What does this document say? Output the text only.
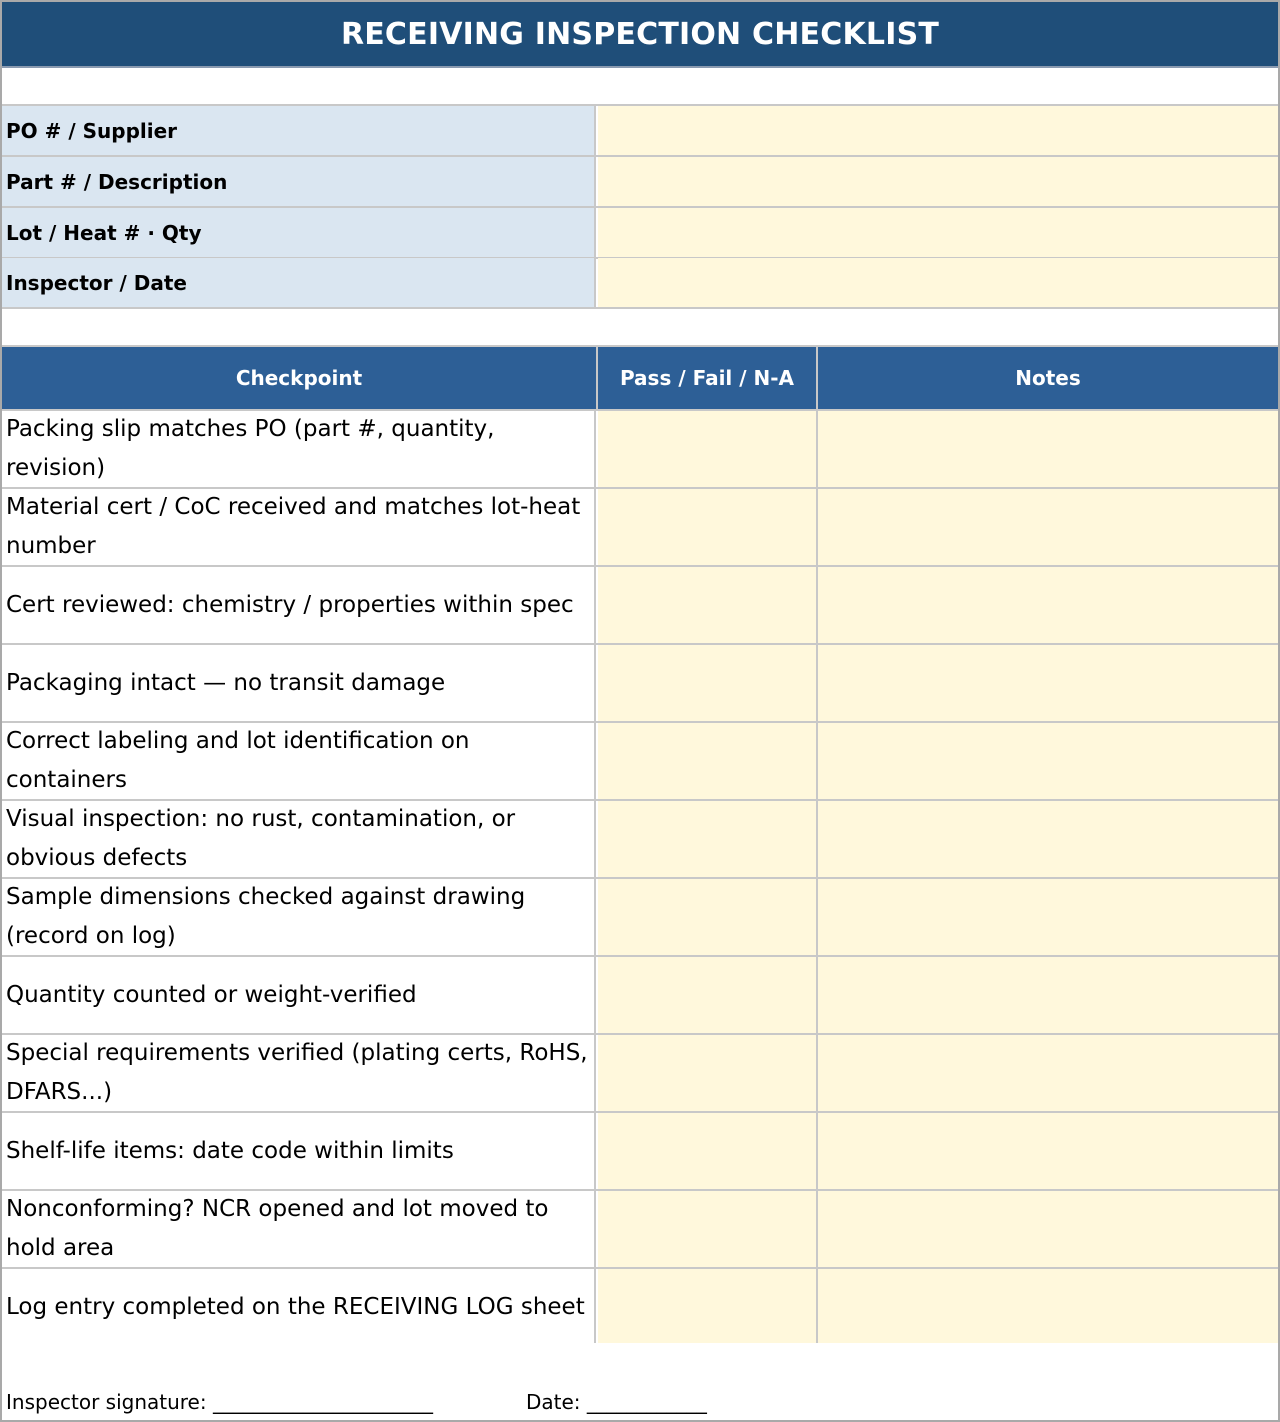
RECEIVING INSPECTION CHECKLIST
PO # / Supplier
Part # / Description
Lot / Heat # · Qty
Inspector / Date
Checkpoint	Pass / Fail / N-A	Notes
Packing slip matches PO (part #, quantity, revision)
Material cert / CoC received and matches lot-heat number
Cert reviewed: chemistry / properties within spec
Packaging intact — no transit damage
Correct labeling and lot identification on containers
Visual inspection: no rust, contamination, or obvious defects
Sample dimensions checked against drawing (record on log)
Quantity counted or weight-verified
Special requirements verified (plating certs, RoHS, DFARS...)
Shelf-life items: date code within limits
Nonconforming? NCR opened and lot moved to hold area
Log entry completed on the RECEIVING LOG sheet
Inspector signature: ______________________	Date: ____________
